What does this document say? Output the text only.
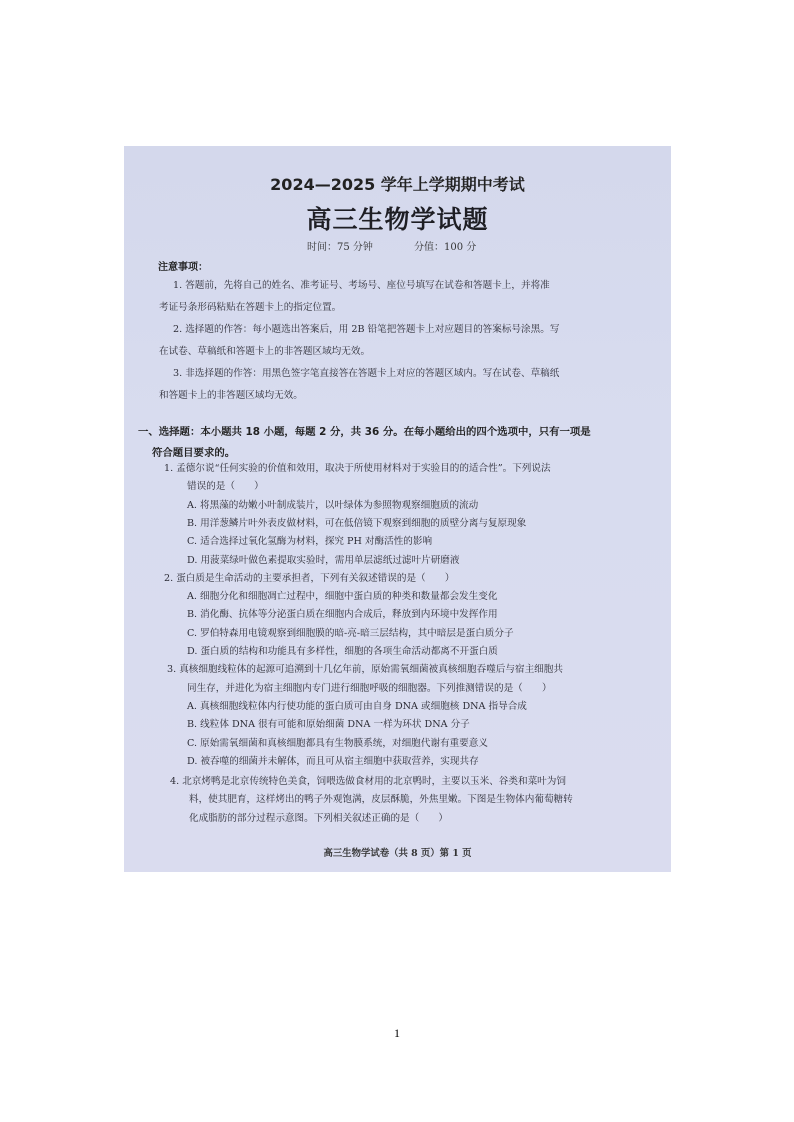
2024—2025 学年上学期期中考试
高三生物学试题
时间：75 分钟	分值：100 分
注意事项：
1. 答题前，先将自己的姓名、准考证号、考场号、座位号填写在试卷和答题卡上，并将准
考证号条形码粘贴在答题卡上的指定位置。
2. 选择题的作答：每小题选出答案后，用 2B 铅笔把答题卡上对应题目的答案标号涂黑。写
在试卷、草稿纸和答题卡上的非答题区域均无效。
3. 非选择题的作答：用黑色签字笔直接答在答题卡上对应的答题区域内。写在试卷、草稿纸
和答题卡上的非答题区域均无效。
一、选择题：本小题共 18 小题，每题 2 分，共 36 分。在每小题给出的四个选项中，只有一项是
符合题目要求的。
1. 孟德尔说“任何实验的价值和效用，取决于所使用材料对于实验目的的适合性”。下列说法
错误的是（　　）
A. 将黑藻的幼嫩小叶制成装片，以叶绿体为参照物观察细胞质的流动
B. 用洋葱鳞片叶外表皮做材料，可在低倍镜下观察到细胞的质壁分离与复原现象
C. 适合选择过氧化氢酶为材料，探究 PH 对酶活性的影响
D. 用菠菜绿叶做色素提取实验时，需用单层滤纸过滤叶片研磨液
2. 蛋白质是生命活动的主要承担者，下列有关叙述错误的是（　　）
A. 细胞分化和细胞凋亡过程中，细胞中蛋白质的种类和数量都会发生变化
B. 消化酶、抗体等分泌蛋白质在细胞内合成后，释放到内环境中发挥作用
C. 罗伯特森用电镜观察到细胞膜的暗-亮-暗三层结构，其中暗层是蛋白质分子
D. 蛋白质的结构和功能具有多样性，细胞的各项生命活动都离不开蛋白质
3. 真核细胞线粒体的起源可追溯到十几亿年前，原始需氧细菌被真核细胞吞噬后与宿主细胞共
同生存，并进化为宿主细胞内专门进行细胞呼吸的细胞器。下列推测错误的是（　　）
A. 真核细胞线粒体内行使功能的蛋白质可由自身 DNA 或细胞核 DNA 指导合成
B. 线粒体 DNA 很有可能和原始细菌 DNA 一样为环状 DNA 分子
C. 原始需氧细菌和真核细胞都具有生物膜系统，对细胞代谢有重要意义
D. 被吞噬的细菌并未解体，而且可从宿主细胞中获取营养，实现共存
4. 北京烤鸭是北京传统特色美食，饲喂选做食材用的北京鸭时，主要以玉米、谷类和菜叶为饲
料，使其肥育，这样烤出的鸭子外观饱满，皮层酥脆，外焦里嫩。下图是生物体内葡萄糖转
化成脂肪的部分过程示意图。下列相关叙述正确的是（　　）
高三生物学试卷（共 8 页）第 1 页
1
